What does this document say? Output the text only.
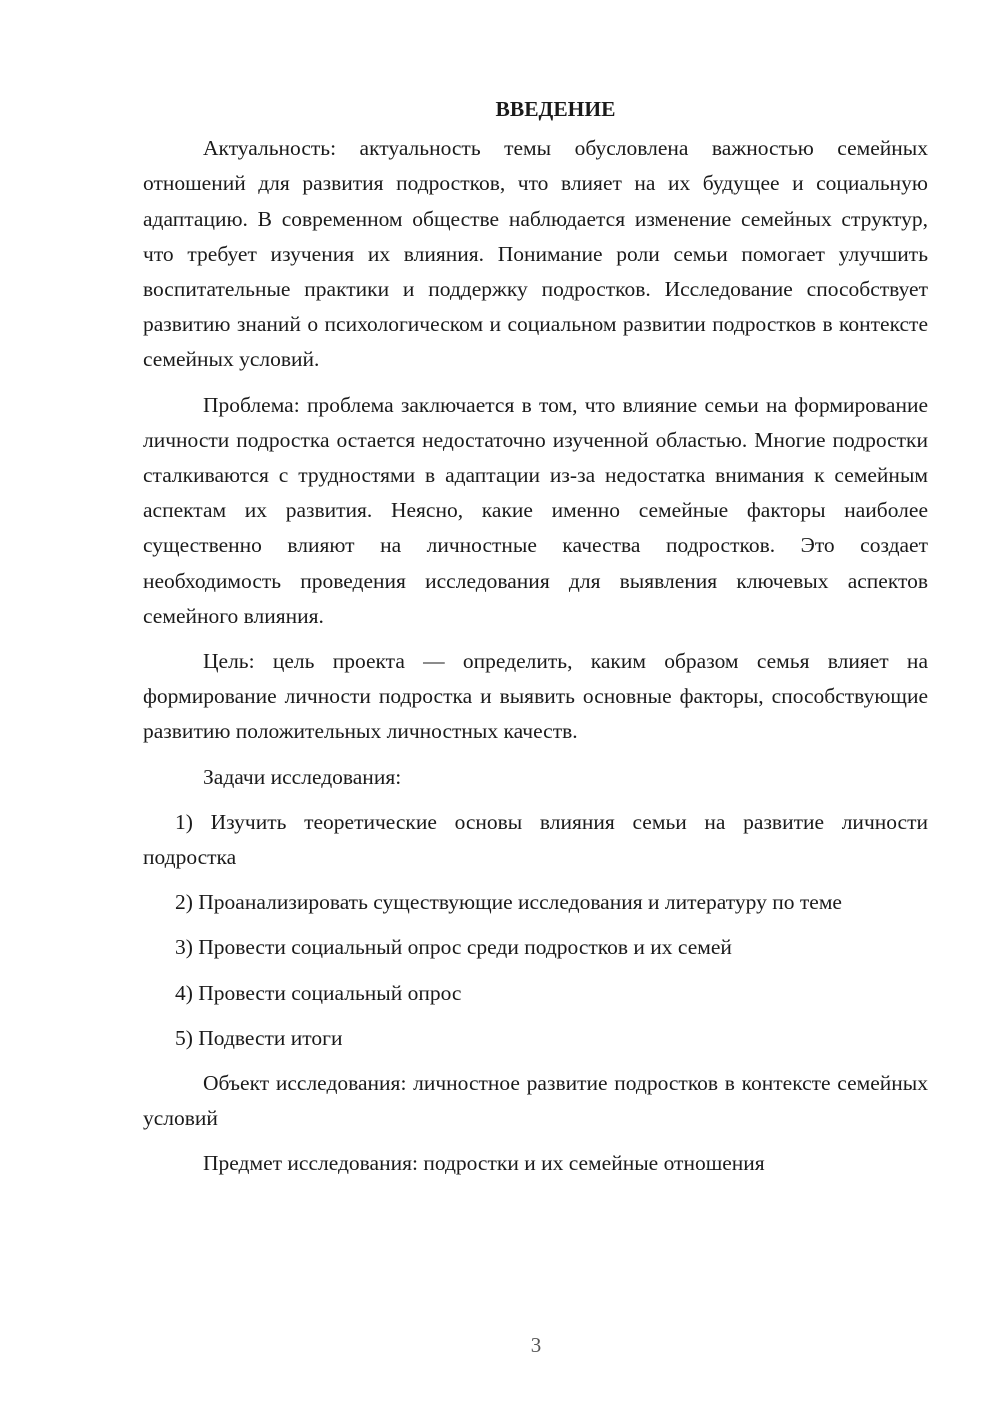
ВВЕДЕНИЕ

Актуальность: актуальность темы обусловлена важностью семейных отношений для развития подростков, что влияет на их будущее и социальную адаптацию. В современном обществе наблюдается изменение семейных структур, что требует изучения их влияния. Понимание роли семьи помогает улучшить воспитательные практики и поддержку подростков. Исследование способствует развитию знаний о психологическом и социальном развитии подростков в контексте семейных условий.

Проблема: проблема заключается в том, что влияние семьи на формирование личности подростка остается недостаточно изученной областью. Многие подростки сталкиваются с трудностями в адаптации из-за недостатка внимания к семейным аспектам их развития. Неясно, какие именно семейные факторы наиболее существенно влияют на личностные качества подростков. Это создает необходимость проведения исследования для выявления ключевых аспектов семейного влияния.

Цель: цель проекта — определить, каким образом семья влияет на формирование личности подростка и выявить основные факторы, способствующие развитию положительных личностных качеств.

Задачи исследования:

1) Изучить теоретические основы влияния семьи на развитие личности подростка

2) Проанализировать существующие исследования и литературу по теме

3) Провести социальный опрос среди подростков и их семей

4) Провести социальный опрос

5) Подвести итоги

Объект исследования: личностное развитие подростков в контексте семейных условий

Предмет исследования: подростки и их семейные отношения

3
